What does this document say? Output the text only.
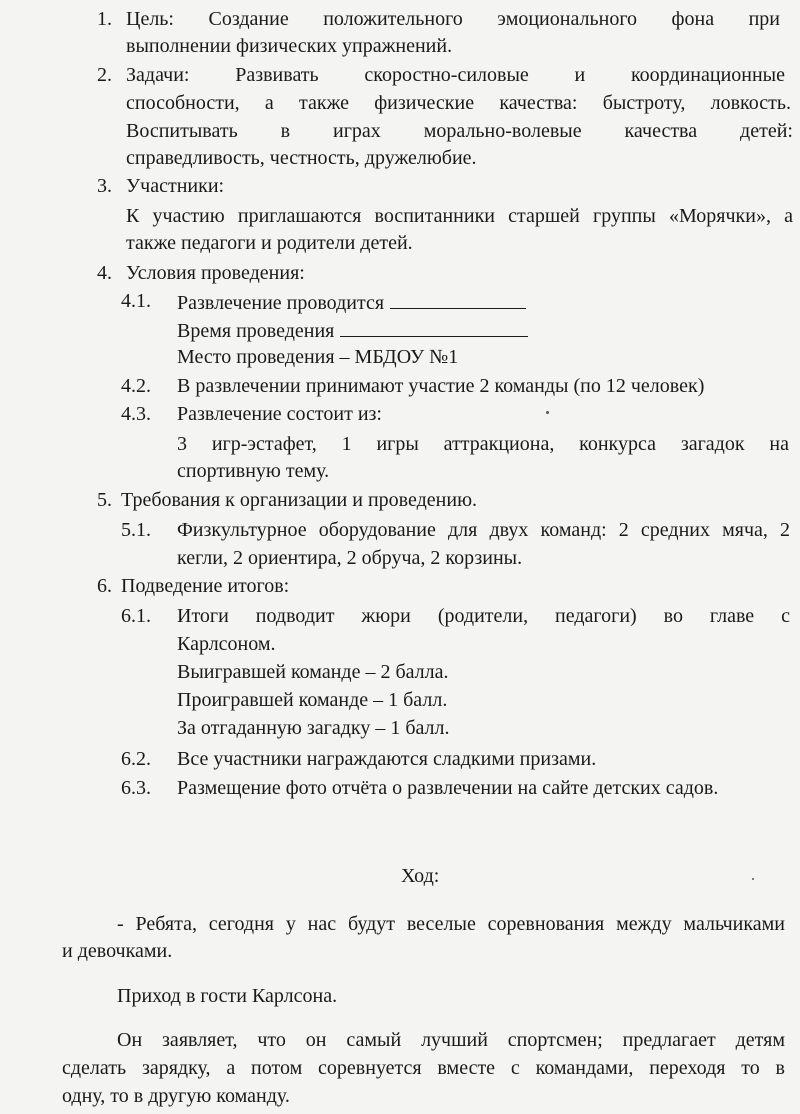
1. Цель: Создание положительного эмоционального фона при
выполнении физических упражнений.
2. Задачи: Развивать скоростно-силовые и координационные
способности, а также физические качества: быстроту, ловкость.
Воспитывать в играх морально-волевые качества детей:
справедливость, честность, дружелюбие.
3. Участники:
К участию приглашаются воспитанники старшей группы «Морячки», а
также педагоги и родители детей.
4. Условия проведения:
4.1. Развлечение проводится
Время проведения
Место проведения – МБДОУ №1
4.2. В развлечении принимают участие 2 команды (по 12 человек)
4.3. Развлечение состоит из:
3 игр-эстафет, 1 игры аттракциона, конкурса загадок на
спортивную тему.
5. Требования к организации и проведению.
5.1. Физкультурное оборудование для двух команд: 2 средних мяча, 2
кегли, 2 ориентира, 2 обруча, 2 корзины.
6. Подведение итогов:
6.1. Итоги подводит жюри (родители, педагоги) во главе с
Карлсоном.
Выигравшей команде – 2 балла.
Проигравшей команде – 1 балл.
За отгаданную загадку – 1 балл.
6.2. Все участники награждаются сладкими призами.
6.3. Размещение фото отчёта о развлечении на сайте детских садов.
Ход:
- Ребята, сегодня у нас будут веселые соревнования между мальчиками
и девочками.
Приход в гости Карлсона.
Он заявляет, что он самый лучший спортсмен; предлагает детям
сделать зарядку, а потом соревнуется вместе с командами, переходя то в
одну, то в другую команду.
